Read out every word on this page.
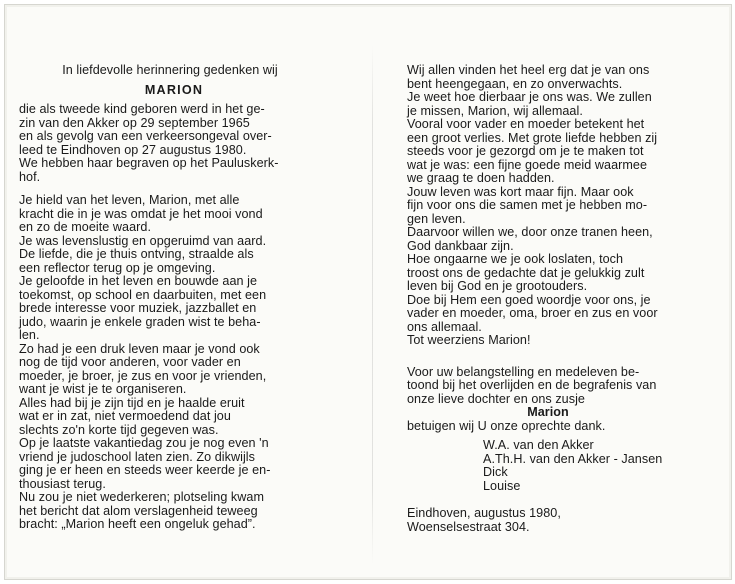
In liefdevolle herinnering gedenken wij
MARION
die als tweede kind geboren werd in het ge-
zin van den Akker op 29 september 1965
en als gevolg van een verkeersongeval over-
leed te Eindhoven op 27 augustus 1980.
We hebben haar begraven op het Pauluskerk-
hof.
Je hield van het leven, Marion, met alle
kracht die in je was omdat je het mooi vond
en zo de moeite waard.
Je was levenslustig en opgeruimd van aard.
De liefde, die je thuis ontving, straalde als
een reflector terug op je omgeving.
Je geloofde in het leven en bouwde aan je
toekomst, op school en daarbuiten, met een
brede interesse voor muziek, jazzballet en
judo, waarin je enkele graden wist te beha-
len.
Zo had je een druk leven maar je vond ook
nog de tijd voor anderen, voor vader en
moeder, je broer, je zus en voor je vrienden,
want je wist je te organiseren.
Alles had bij je zijn tijd en je haalde eruit
wat er in zat, niet vermoedend dat jou
slechts zo'n korte tijd gegeven was.
Op je laatste vakantiedag zou je nog even 'n
vriend je judoschool laten zien. Zo dikwijls
ging je er heen en steeds weer keerde je en-
thousiast terug.
Nu zou je niet wederkeren; plotseling kwam
het bericht dat alom verslagenheid teweeg
bracht: „Marion heeft een ongeluk gehad”.
Wij allen vinden het heel erg dat je van ons
bent heengegaan, en zo onverwachts.
Je weet hoe dierbaar je ons was. We zullen
je missen, Marion, wij allemaal.
Vooral voor vader en moeder betekent het
een groot verlies. Met grote liefde hebben zij
steeds voor je gezorgd om je te maken tot
wat je was: een fijne goede meid waarmee
we graag te doen hadden.
Jouw leven was kort maar fijn. Maar ook
fijn voor ons die samen met je hebben mo-
gen leven.
Daarvoor willen we, door onze tranen heen,
God dankbaar zijn.
Hoe ongaarne we je ook loslaten, toch
troost ons de gedachte dat je gelukkig zult
leven bij God en je grootouders.
Doe bij Hem een goed woordje voor ons, je
vader en moeder, oma, broer en zus en voor
ons allemaal.
Tot weerziens Marion!
Voor uw belangstelling en medeleven be-
toond bij het overlijden en de begrafenis van
onze lieve dochter en ons zusje
Marion
betuigen wij U onze oprechte dank.
W.A. van den Akker
A.Th.H. van den Akker - Jansen
Dick
Louise
Eindhoven, augustus 1980,
Woenselsestraat 304.
